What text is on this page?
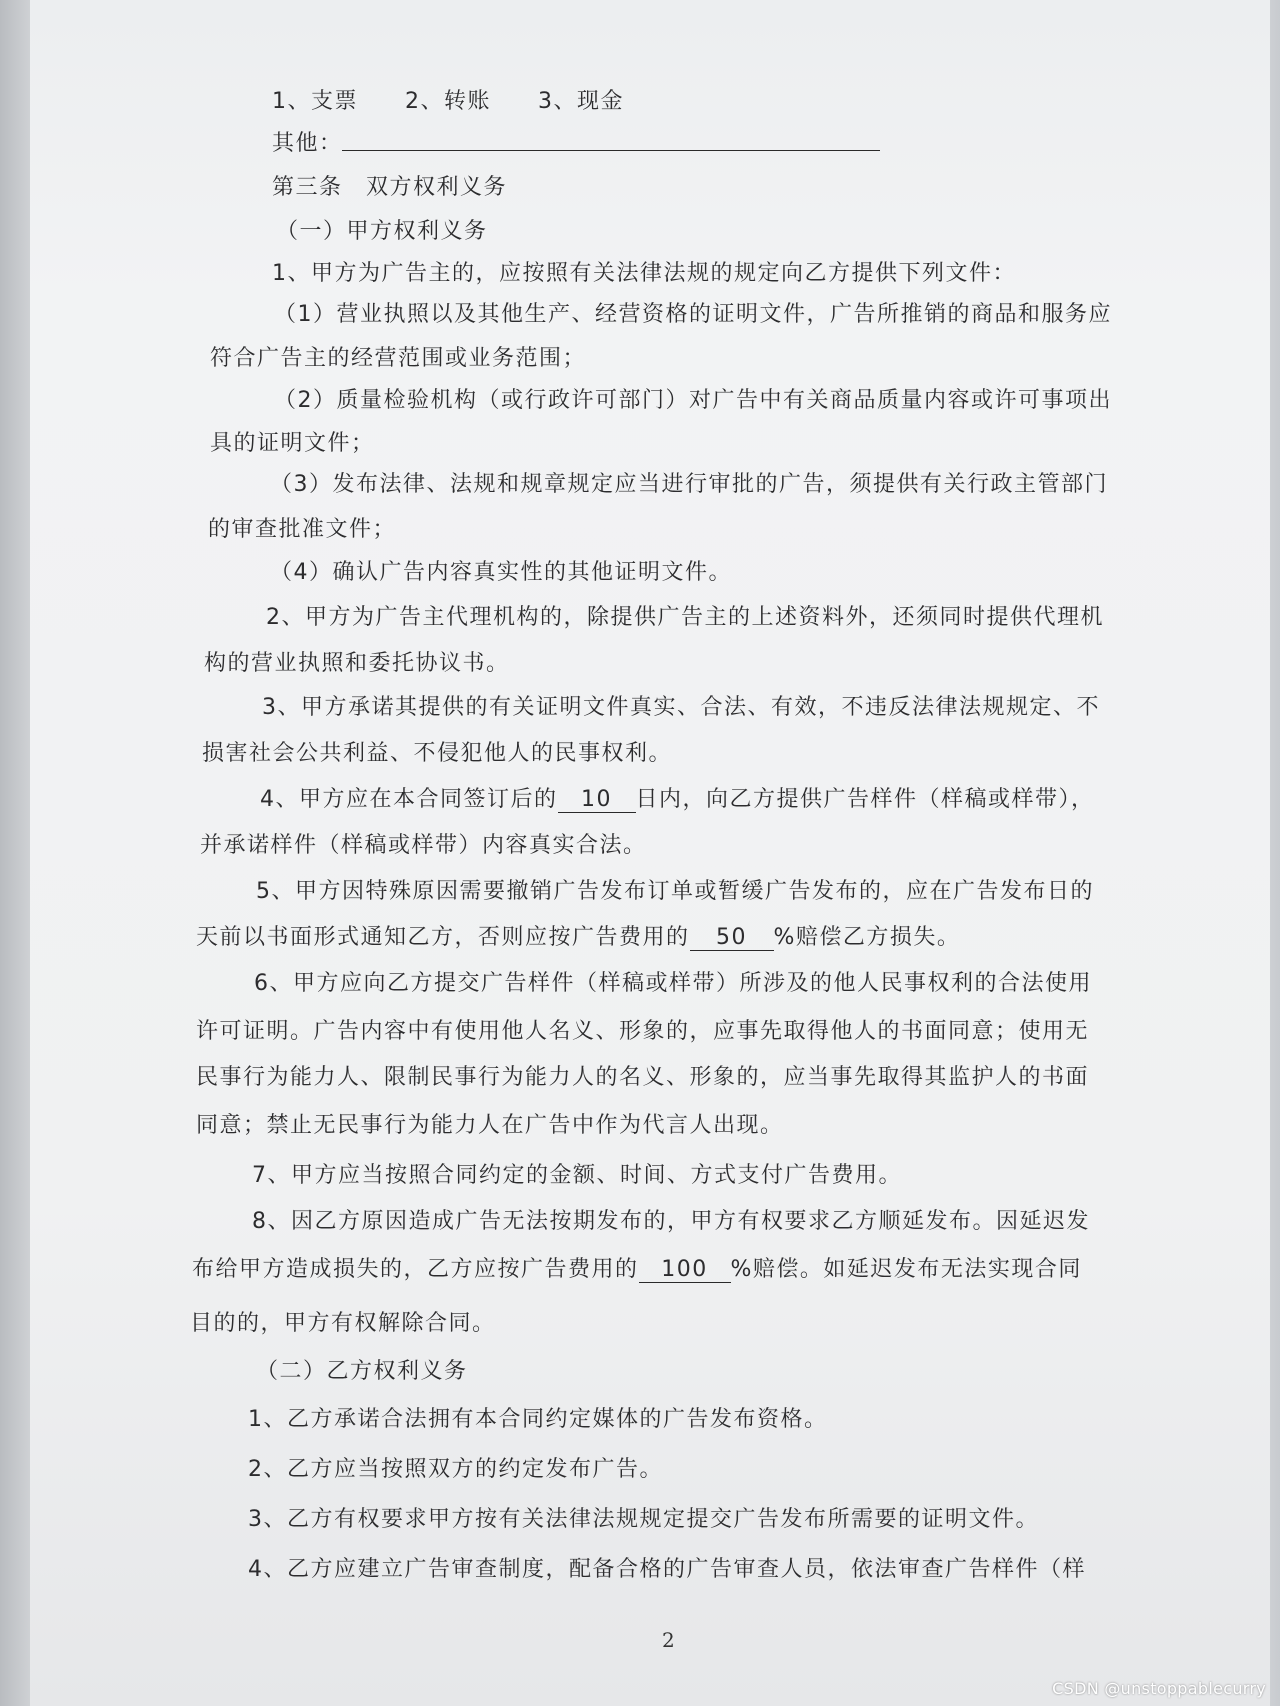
1、支票　　2、转账　　3、现金
其他：
第三条　双方权利义务
（一）甲方权利义务
1、甲方为广告主的，应按照有关法律法规的规定向乙方提供下列文件：
（1）营业执照以及其他生产、经营资格的证明文件，广告所推销的商品和服务应
符合广告主的经营范围或业务范围；
（2）质量检验机构（或行政许可部门）对广告中有关商品质量内容或许可事项出
具的证明文件；
（3）发布法律、法规和规章规定应当进行审批的广告，须提供有关行政主管部门
的审查批准文件；
（4）确认广告内容真实性的其他证明文件。
2、甲方为广告主代理机构的，除提供广告主的上述资料外，还须同时提供代理机
构的营业执照和委托协议书。
3、甲方承诺其提供的有关证明文件真实、合法、有效，不违反法律法规规定、不
损害社会公共利益、不侵犯他人的民事权利。
4、甲方应在本合同签订后的 10 日内，向乙方提供广告样件（样稿或样带），
并承诺样件（样稿或样带）内容真实合法。
5、甲方因特殊原因需要撤销广告发布订单或暂缓广告发布的，应在广告发布日的
天前以书面形式通知乙方，否则应按广告费用的 50 %赔偿乙方损失。
6、甲方应向乙方提交广告样件（样稿或样带）所涉及的他人民事权利的合法使用
许可证明。广告内容中有使用他人名义、形象的，应事先取得他人的书面同意；使用无
民事行为能力人、限制民事行为能力人的名义、形象的，应当事先取得其监护人的书面
同意；禁止无民事行为能力人在广告中作为代言人出现。
7、甲方应当按照合同约定的金额、时间、方式支付广告费用。
8、因乙方原因造成广告无法按期发布的，甲方有权要求乙方顺延发布。因延迟发
布给甲方造成损失的，乙方应按广告费用的 100 %赔偿。如延迟发布无法实现合同
目的的，甲方有权解除合同。
（二）乙方权利义务
1、乙方承诺合法拥有本合同约定媒体的广告发布资格。
2、乙方应当按照双方的约定发布广告。
3、乙方有权要求甲方按有关法律法规规定提交广告发布所需要的证明文件。
4、乙方应建立广告审查制度，配备合格的广告审查人员，依法审查广告样件（样
2
CSDN @unstoppablecurry
